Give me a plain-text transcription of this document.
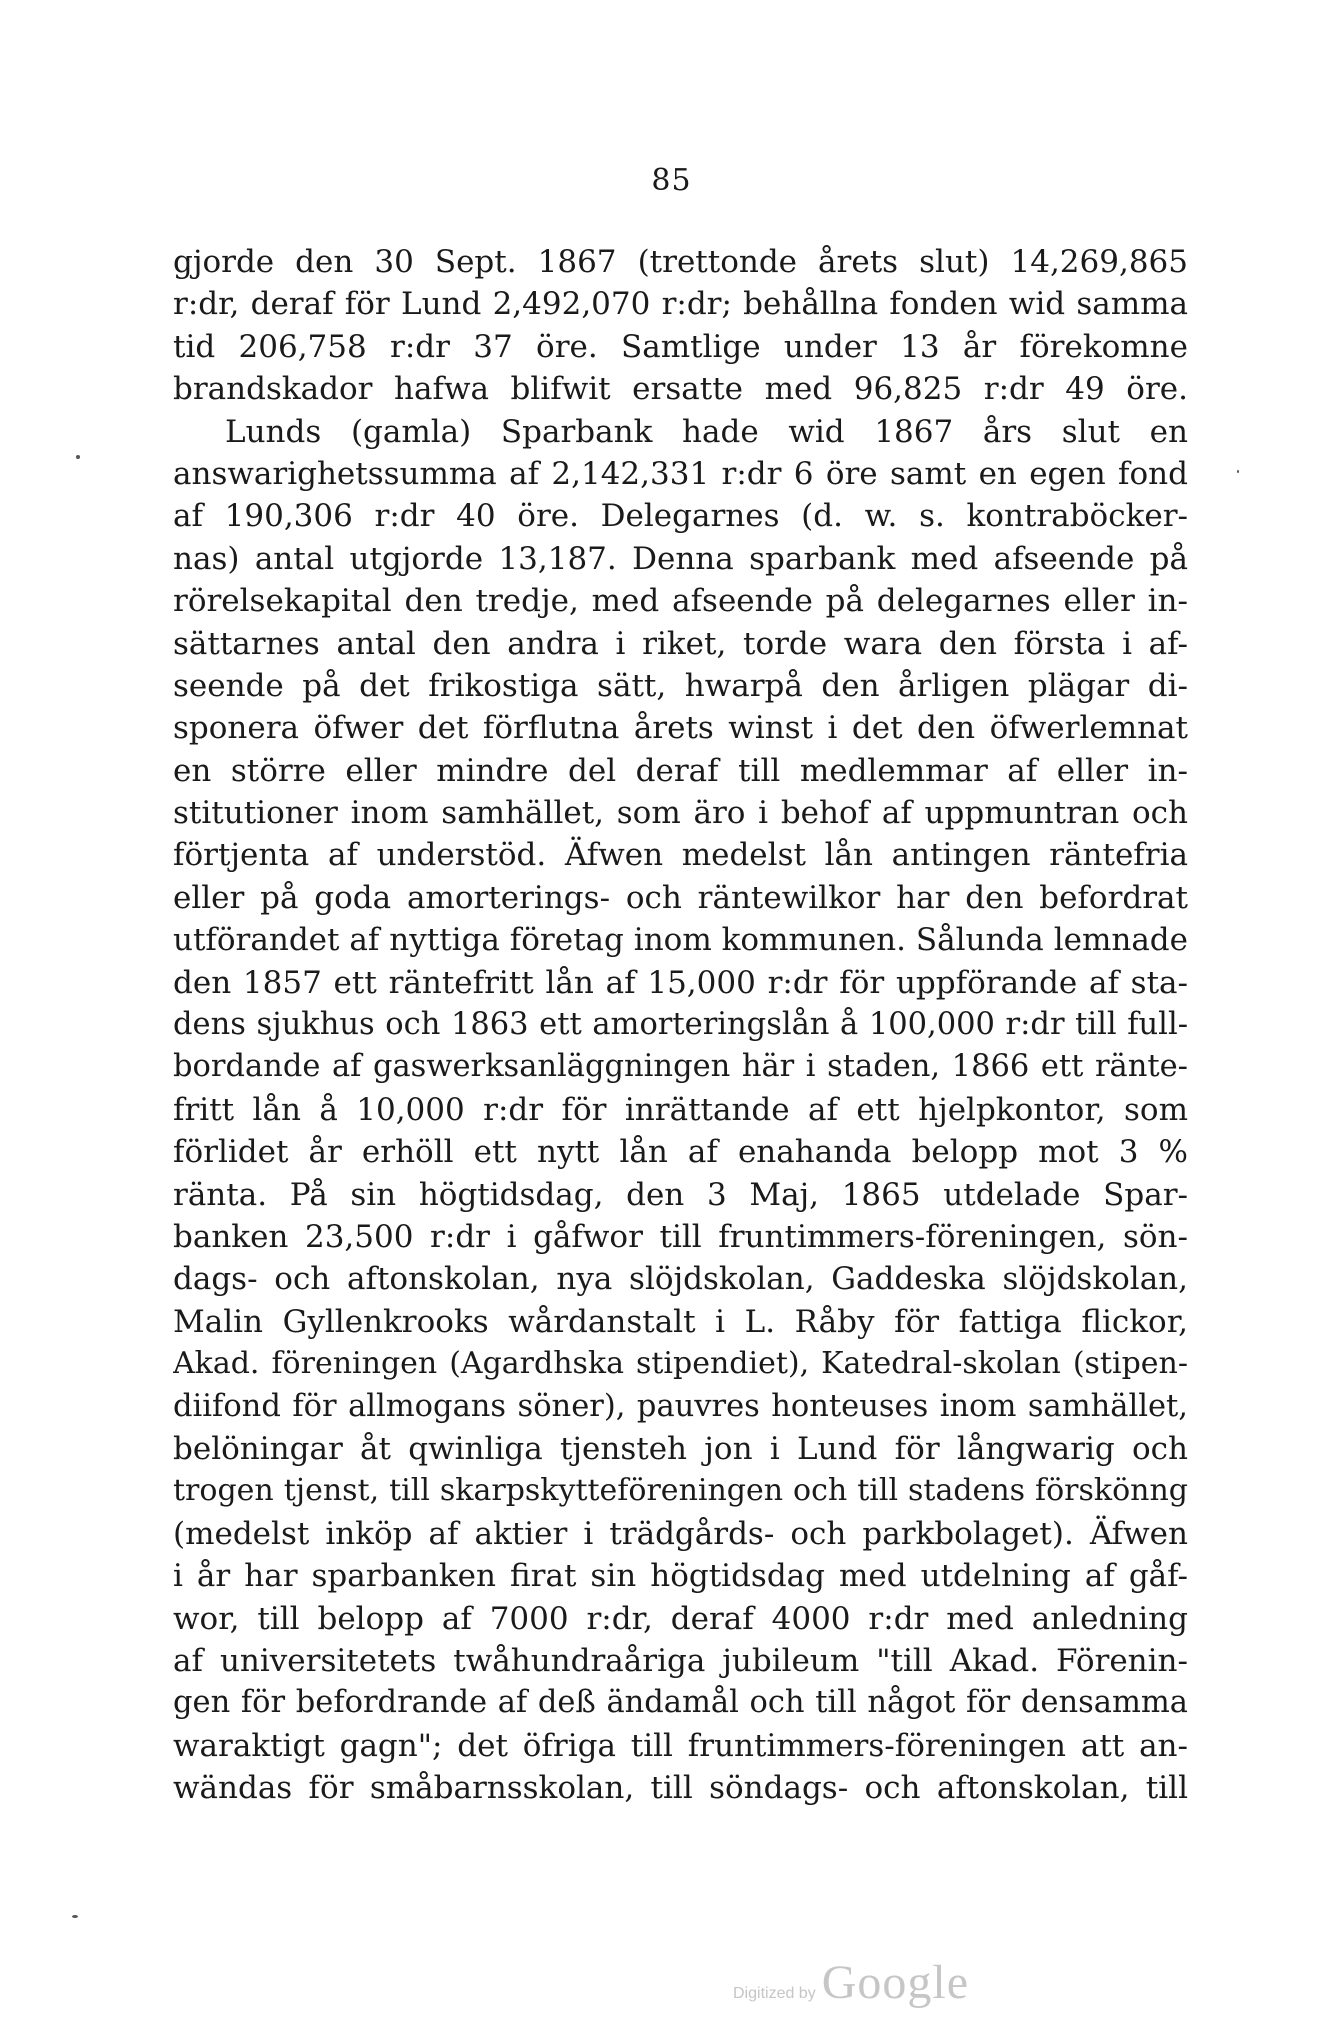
85
gjorde den 30 Sept. 1867 (trettonde årets slut) 14,269,865
r:dr, deraf för Lund 2,492,070 r:dr; behållna fonden wid samma
tid 206,758 r:dr 37 öre. Samtlige under 13 år förekomne
brandskador hafwa blifwit ersatte med 96,825 r:dr 49 öre.
Lunds (gamla) Sparbank hade wid 1867 års slut en
answarighetssumma af 2,142,331 r:dr 6 öre samt en egen fond
af 190,306 r:dr 40 öre. Delegarnes (d. w. s. kontraböcker-
nas) antal utgjorde 13,187. Denna sparbank med afseende på
rörelsekapital den tredje, med afseende på delegarnes eller in-
sättarnes antal den andra i riket, torde wara den första i af-
seende på det frikostiga sätt, hwarpå den årligen plägar di-
sponera öfwer det förflutna årets winst i det den öfwerlemnat
en större eller mindre del deraf till medlemmar af eller in-
stitutioner inom samhället, som äro i behof af uppmuntran och
förtjenta af understöd. Äfwen medelst lån antingen räntefria
eller på goda amorterings- och räntewilkor har den befordrat
utförandet af nyttiga företag inom kommunen. Sålunda lemnade
den 1857 ett räntefritt lån af 15,000 r:dr för uppförande af sta-
dens sjukhus och 1863 ett amorteringslån å 100,000 r:dr till full-
bordande af gaswerksanläggningen här i staden, 1866 ett ränte-
fritt lån å 10,000 r:dr för inrättande af ett hjelpkontor, som
förlidet år erhöll ett nytt lån af enahanda belopp mot 3 %
ränta. På sin högtidsdag, den 3 Maj, 1865 utdelade Spar-
banken 23,500 r:dr i gåfwor till fruntimmers-föreningen, sön-
dags- och aftonskolan, nya slöjdskolan, Gaddeska slöjdskolan,
Malin Gyllenkrooks wårdanstalt i L. Råby för fattiga flickor,
Akad. föreningen (Agardhska stipendiet), Katedral-skolan (stipen-
diifond för allmogans söner), pauvres honteuses inom samhället,
belöningar åt qwinliga tjensteh jon i Lund för långwarig och
trogen tjenst, till skarpskytteföreningen och till stadens förskönng
(medelst inköp af aktier i trädgårds- och parkbolaget). Äfwen
i år har sparbanken firat sin högtidsdag med utdelning af gåf-
wor, till belopp af 7000 r:dr, deraf 4000 r:dr med anledning
af universitetets twåhundraåriga jubileum "till Akad. Förenin-
gen för befordrande af deß ändamål och till något för densamma
waraktigt gagn"; det öfriga till fruntimmers-föreningen att an-
wändas för småbarnsskolan, till söndags- och aftonskolan, till
Digitized by Google
